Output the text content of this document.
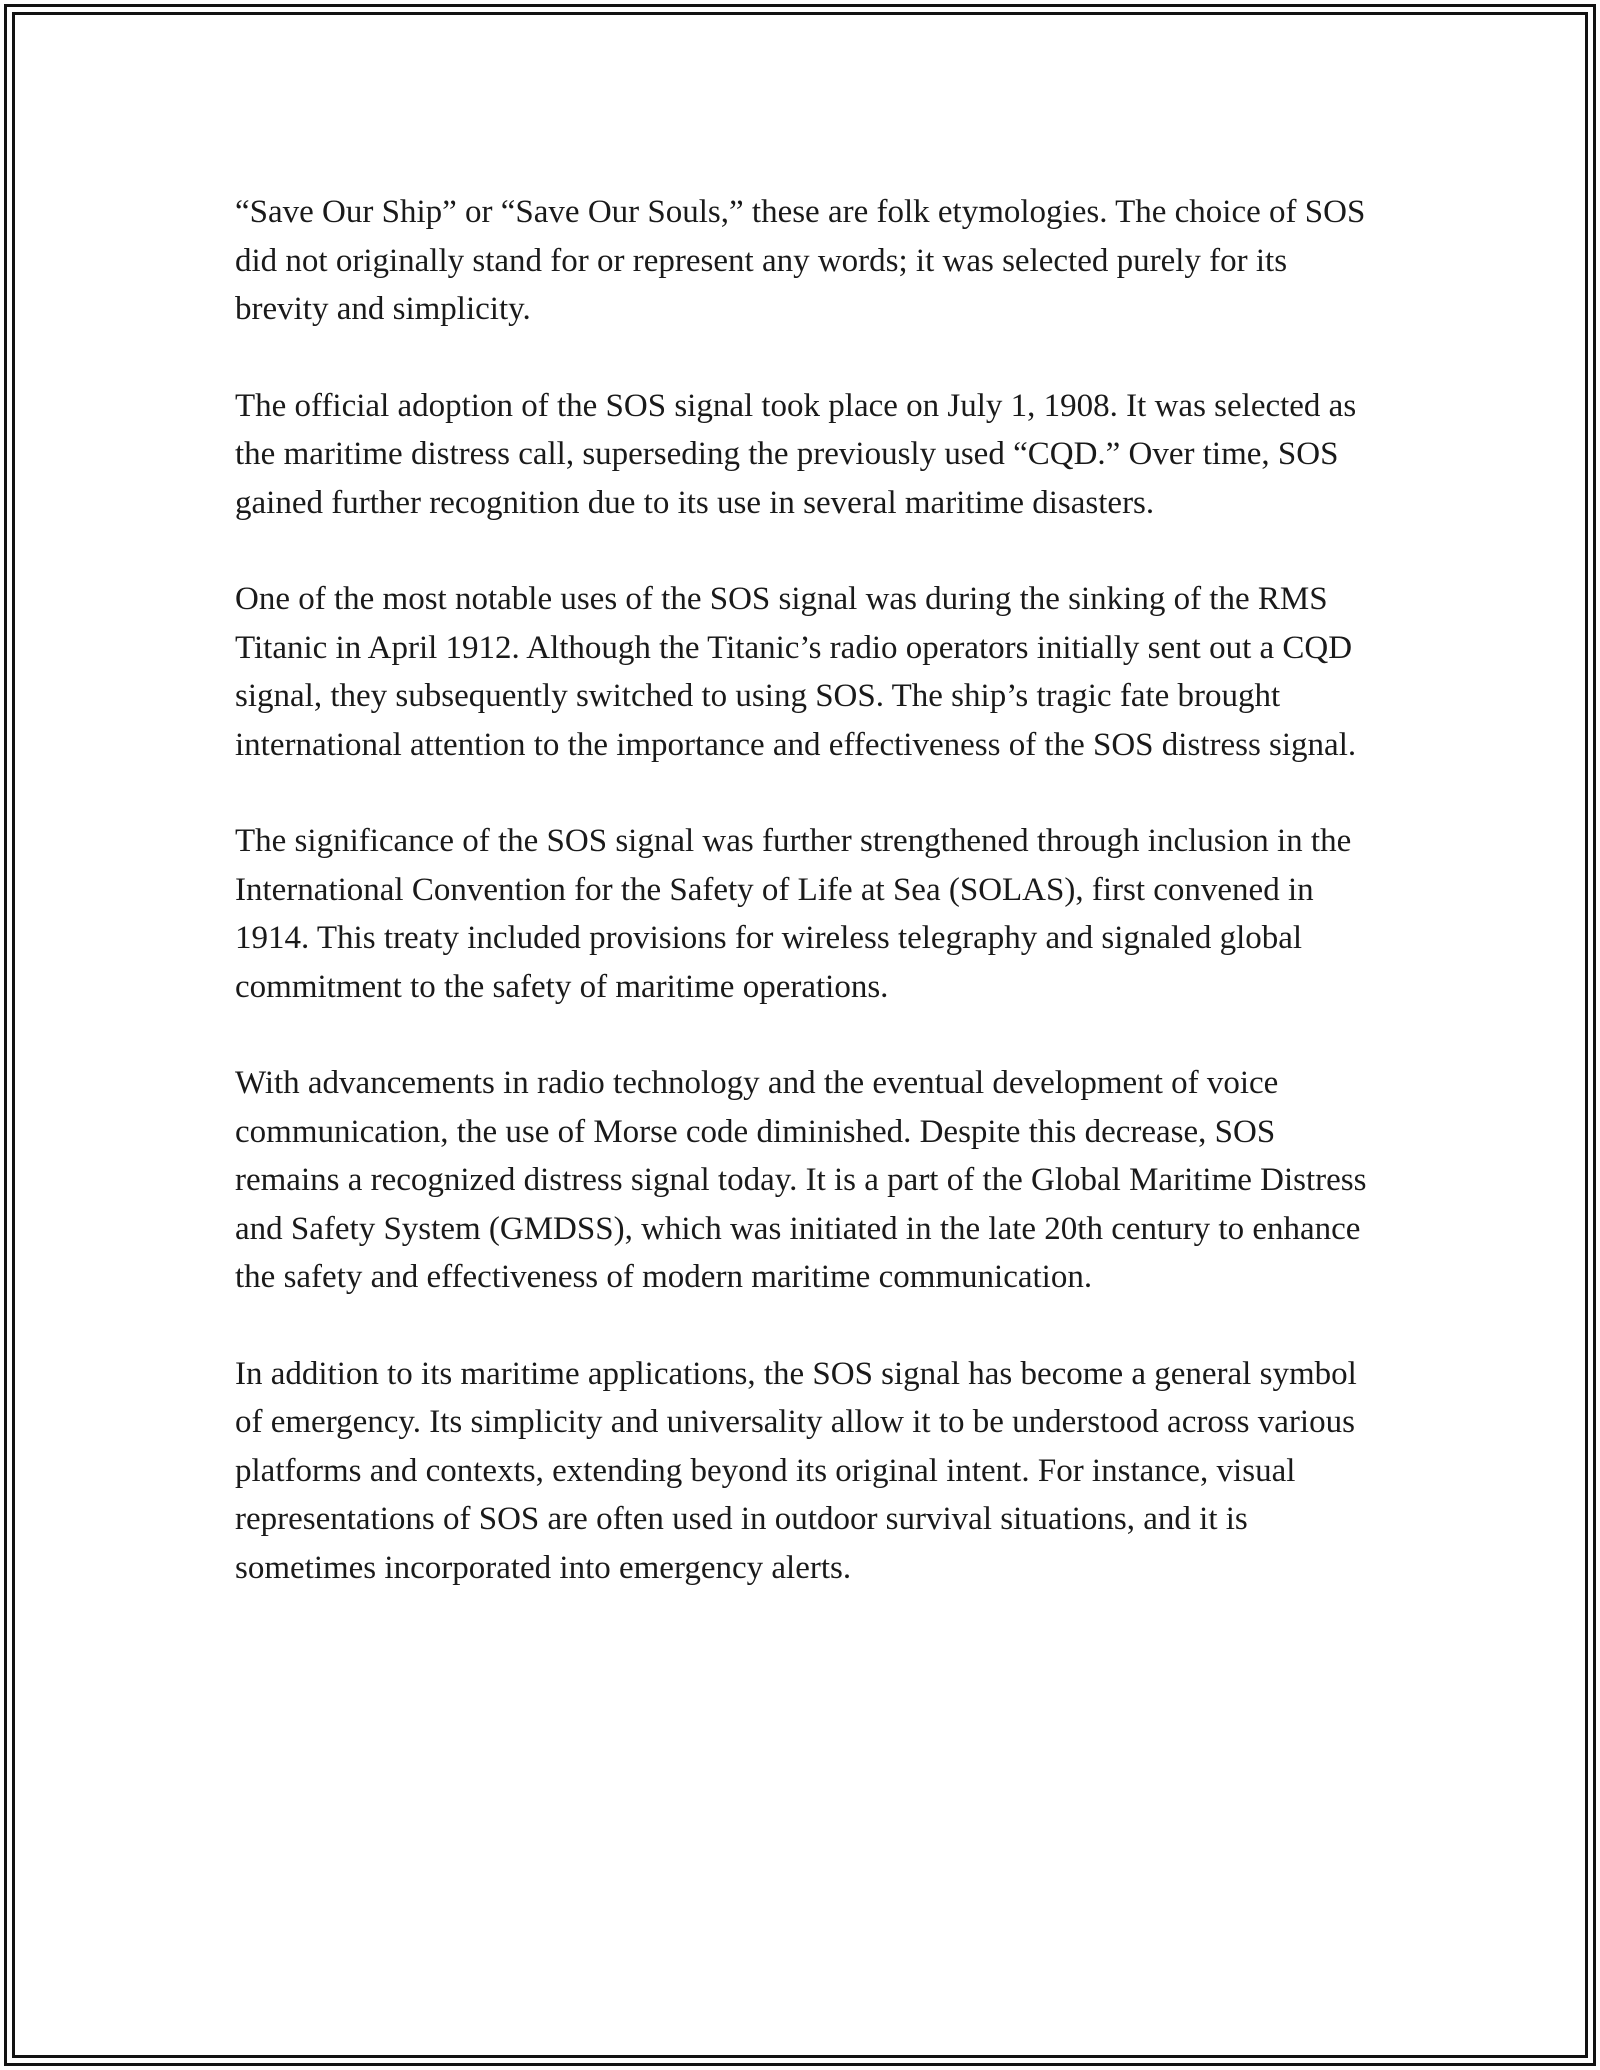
“Save Our Ship” or “Save Our Souls,” these are folk etymologies. The choice of SOS did not originally stand for or represent any words; it was selected purely for its brevity and simplicity.

The official adoption of the SOS signal took place on July 1, 1908. It was selected as the maritime distress call, superseding the previously used “CQD.” Over time, SOS gained further recognition due to its use in several maritime disasters.

One of the most notable uses of the SOS signal was during the sinking of the RMS Titanic in April 1912. Although the Titanic’s radio operators initially sent out a CQD signal, they subsequently switched to using SOS. The ship’s tragic fate brought international attention to the importance and effectiveness of the SOS distress signal.

The significance of the SOS signal was further strengthened through inclusion in the International Convention for the Safety of Life at Sea (SOLAS), first convened in 1914. This treaty included provisions for wireless telegraphy and signaled global commitment to the safety of maritime operations.

With advancements in radio technology and the eventual development of voice communication, the use of Morse code diminished. Despite this decrease, SOS remains a recognized distress signal today. It is a part of the Global Maritime Distress and Safety System (GMDSS), which was initiated in the late 20th century to enhance the safety and effectiveness of modern maritime communication.

In addition to its maritime applications, the SOS signal has become a general symbol of emergency. Its simplicity and universality allow it to be understood across various platforms and contexts, extending beyond its original intent. For instance, visual representations of SOS are often used in outdoor survival situations, and it is sometimes incorporated into emergency alerts.
